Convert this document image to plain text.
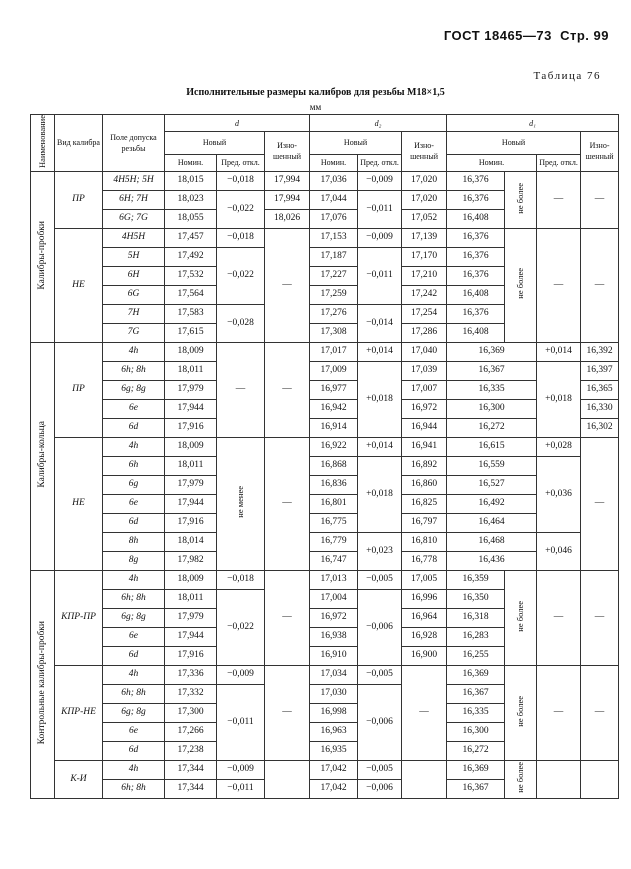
ГОСТ 18465—73 Стр. 99
Таблица 76
Исполнительные размеры калибров для резьбы M18×1,5
мм
Наименование	Вид калибра	Поле допуска резьбы	d			d₂			d₁			
			Новый		Изно-шенный	Новый		Изно-шенный	Новый			Изно-шенный
			Номин.	Пред. откл.		Номин.	Пред. откл.		Номин.		Пред. откл.	
Калибры-пробки	ПР	4H5H; 5H	18,015	−0,018	17,994	17,036	−0,009	17,020	16,376	не более	—	—
		6H; 7H	18,023	−0,022	17,994	17,044	−0,011	17,020	16,376			
		6G; 7G	18,055		18,026	17,076		17,052	16,408			
	НЕ	4H5H	17,457	−0,018	—	17,153	−0,009	17,139	16,376	не более	—	—
		5H	17,492	−0,022		17,187	−0,011	17,170	16,376			
		6H	17,532			17,227		17,210	16,376			
		6G	17,564			17,259		17,242	16,408			
		7H	17,583	−0,028		17,276	−0,014	17,254	16,376			
		7G	17,615			17,308		17,286	16,408			
Калибры-кольца	ПР	4h	18,009	—	—	17,017	+0,014	17,040	16,369		+0,014	16,392
		6h; 8h	18,011			17,009	+0,018	17,039	16,367		+0,018	16,397
		6g; 8g	17,979			16,977		17,007	16,335			16,365
		6e	17,944			16,942		16,972	16,300			16,330
		6d	17,916			16,914		16,944	16,272			16,302
	НЕ	4h	18,009	не менее	—	16,922	+0,014	16,941	16,615		+0,028	—
		6h	18,011			16,868	+0,018	16,892	16,559		+0,036	
		6g	17,979			16,836		16,860	16,527			
		6e	17,944			16,801		16,825	16,492			
		6d	17,916			16,775		16,797	16,464			
		8h	18,014			16,779	+0,023	16,810	16,468		+0,046	
		8g	17,982			16,747		16,778	16,436			
Контрольные калибры-пробки	КПР-ПР	4h	18,009	−0,018	—	17,013	−0,005	17,005	16,359	не более	—	—
		6h; 8h	18,011	−0,022		17,004	−0,006	16,996	16,350			
		6g; 8g	17,979			16,972		16,964	16,318			
		6e	17,944			16,938		16,928	16,283			
		6d	17,916			16,910		16,900	16,255			
	КПР-НЕ	4h	17,336	−0,009	—	17,034	−0,005	—	16,369	не более	—	—
		6h; 8h	17,332	−0,011		17,030	−0,006		16,367			
		6g; 8g	17,300			16,998			16,335			
		6e	17,266			16,963			16,300			
		6d	17,238			16,935			16,272			
	К-И	4h	17,344	−0,009		17,042	−0,005		16,369	не более		
		6h; 8h	17,344	−0,011		17,042	−0,006		16,367			
